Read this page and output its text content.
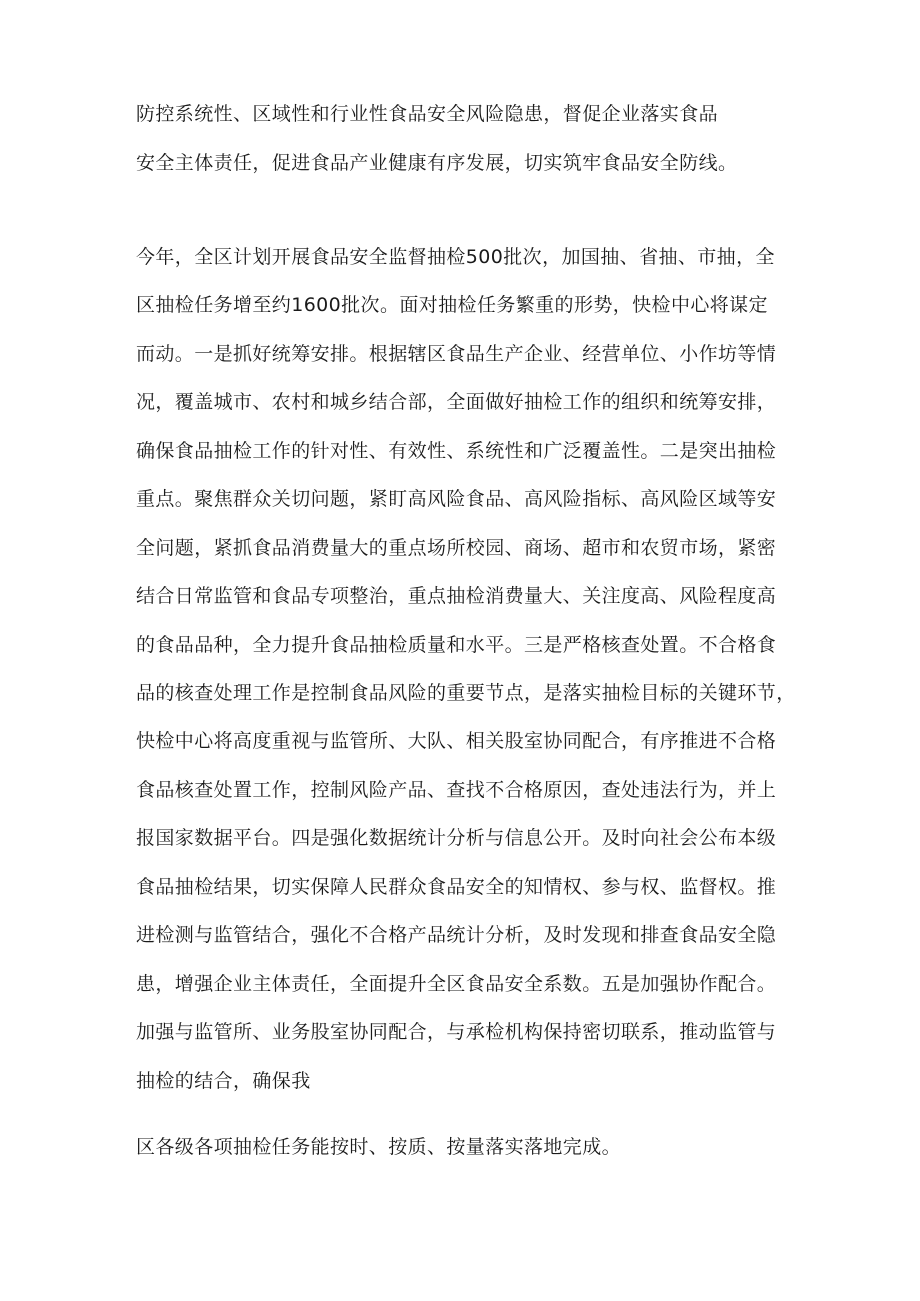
防控系统性、区域性和行业性食品安全风险隐患，督促企业落实食品
安全主体责任，促进食品产业健康有序发展，切实筑牢食品安全防线。
今年，全区计划开展食品安全监督抽检500批次，加国抽、省抽、市抽，全
区抽检任务增至约1600批次。面对抽检任务繁重的形势，快检中心将谋定
而动。一是抓好统筹安排。根据辖区食品生产企业、经营单位、小作坊等情
况，覆盖城市、农村和城乡结合部，全面做好抽检工作的组织和统筹安排，
确保食品抽检工作的针对性、有效性、系统性和广泛覆盖性。二是突出抽检
重点。聚焦群众关切问题，紧盯高风险食品、高风险指标、高风险区域等安
全问题，紧抓食品消费量大的重点场所校园、商场、超市和农贸市场，紧密
结合日常监管和食品专项整治，重点抽检消费量大、关注度高、风险程度高
的食品品种，全力提升食品抽检质量和水平。三是严格核查处置。不合格食
品的核查处理工作是控制食品风险的重要节点，是落实抽检目标的关键环节，
快检中心将高度重视与监管所、大队、相关股室协同配合，有序推进不合格
食品核查处置工作，控制风险产品、查找不合格原因，查处违法行为，并上
报国家数据平台。四是强化数据统计分析与信息公开。及时向社会公布本级
食品抽检结果，切实保障人民群众食品安全的知情权、参与权、监督权。推
进检测与监管结合，强化不合格产品统计分析，及时发现和排查食品安全隐
患，增强企业主体责任，全面提升全区食品安全系数。五是加强协作配合。
加强与监管所、业务股室协同配合，与承检机构保持密切联系，推动监管与
抽检的结合，确保我
区各级各项抽检任务能按时、按质、按量落实落地完成。
